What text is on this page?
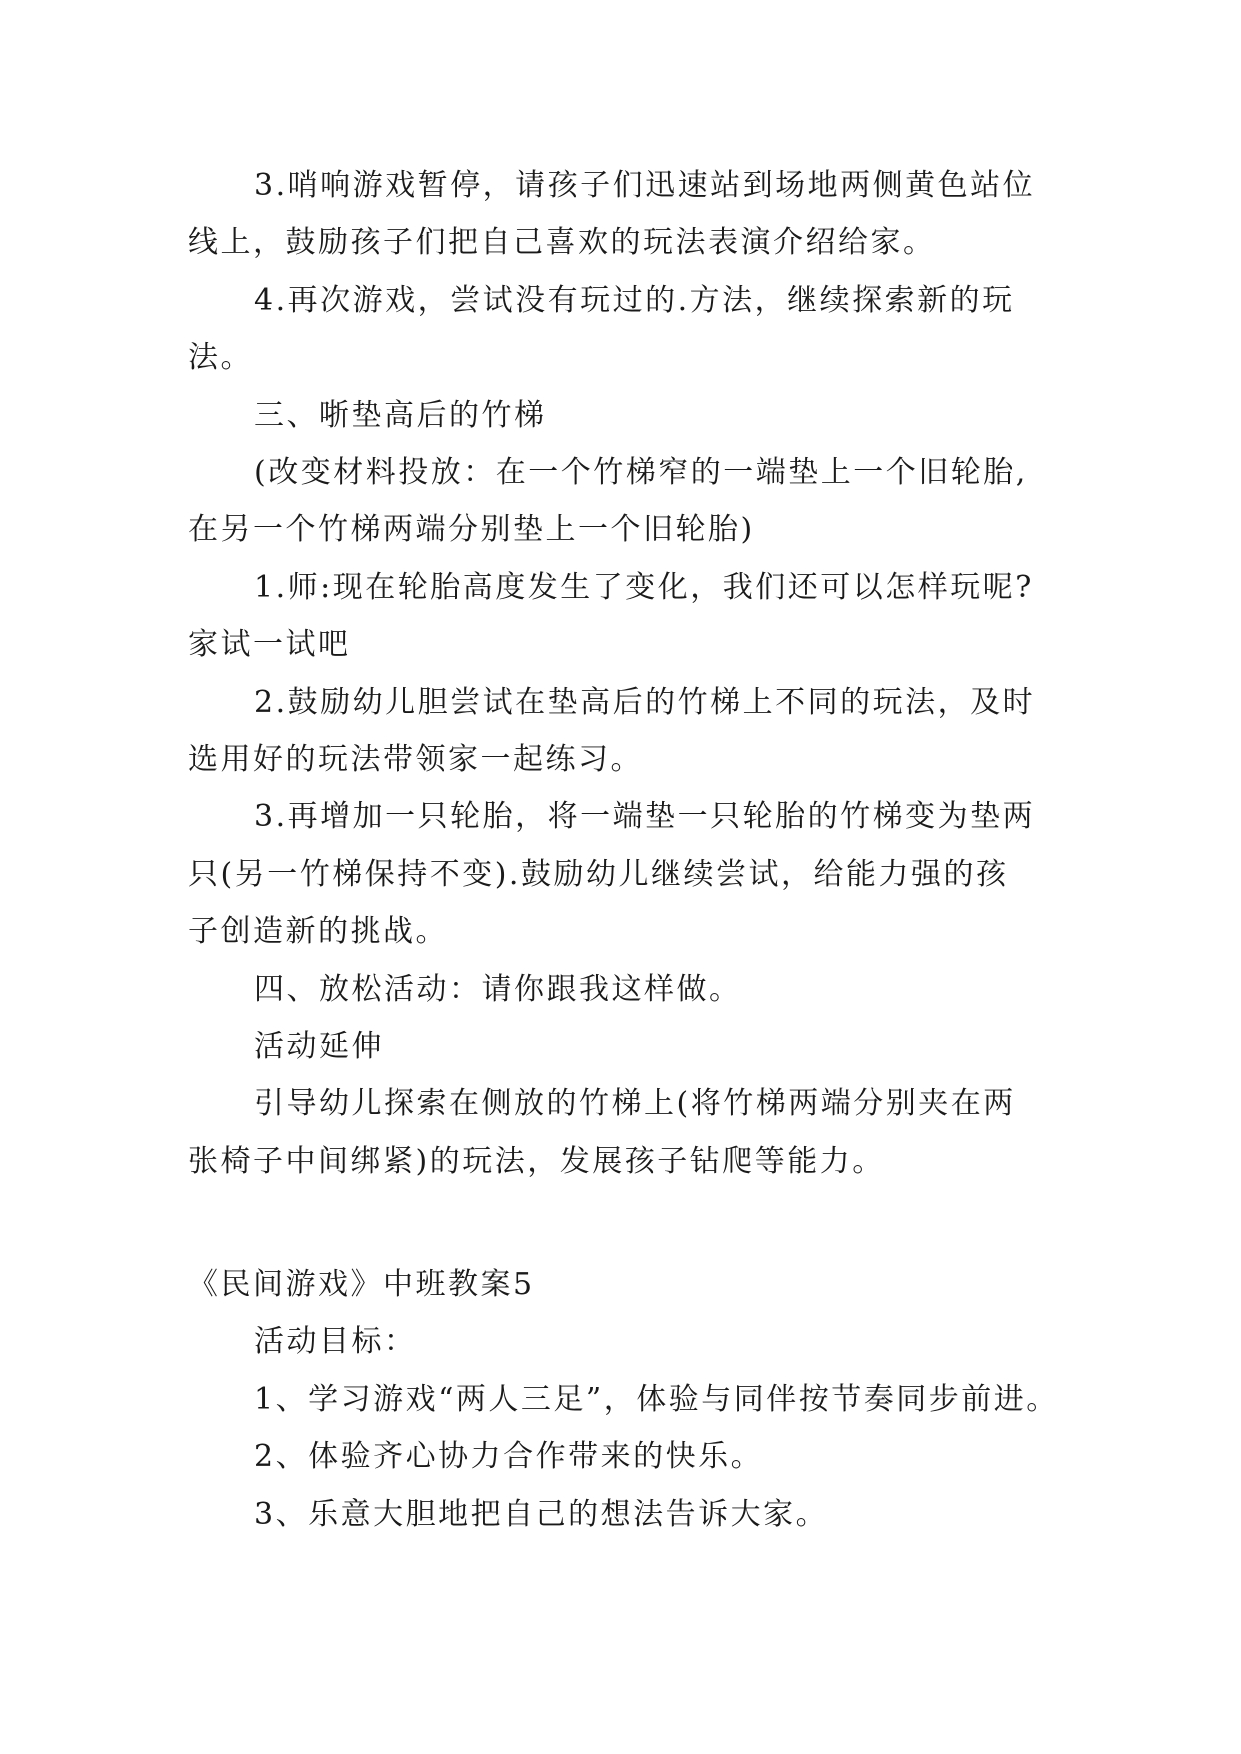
3.哨响游戏暂停，请孩子们迅速站到场地两侧黄色站位
线上，鼓励孩子们把自己喜欢的玩法表演介绍给家。
4.再次游戏，尝试没有玩过的.方法，继续探索新的玩
法。
三、哳垫高后的竹梯
(改变材料投放：在一个竹梯窄的一端垫上一个旧轮胎,
在另一个竹梯两端分别垫上一个旧轮胎)
1.师:现在轮胎高度发生了变化，我们还可以怎样玩呢?
家试一试吧
2.鼓励幼儿胆尝试在垫高后的竹梯上不同的玩法，及时
选用好的玩法带领家一起练习。
3.再增加一只轮胎，将一端垫一只轮胎的竹梯变为垫两
只(另一竹梯保持不变).鼓励幼儿继续尝试，给能力强的孩
子创造新的挑战。
四、放松活动：请你跟我这样做。
活动延伸
引导幼儿探索在侧放的竹梯上(将竹梯两端分别夹在两
张椅子中间绑紧)的玩法，发展孩子钻爬等能力。
《民间游戏》中班教案5
活动目标：
1、学习游戏“两人三足”，体验与同伴按节奏同步前进。
2、体验齐心协力合作带来的快乐。
3、乐意大胆地把自己的想法告诉大家。
